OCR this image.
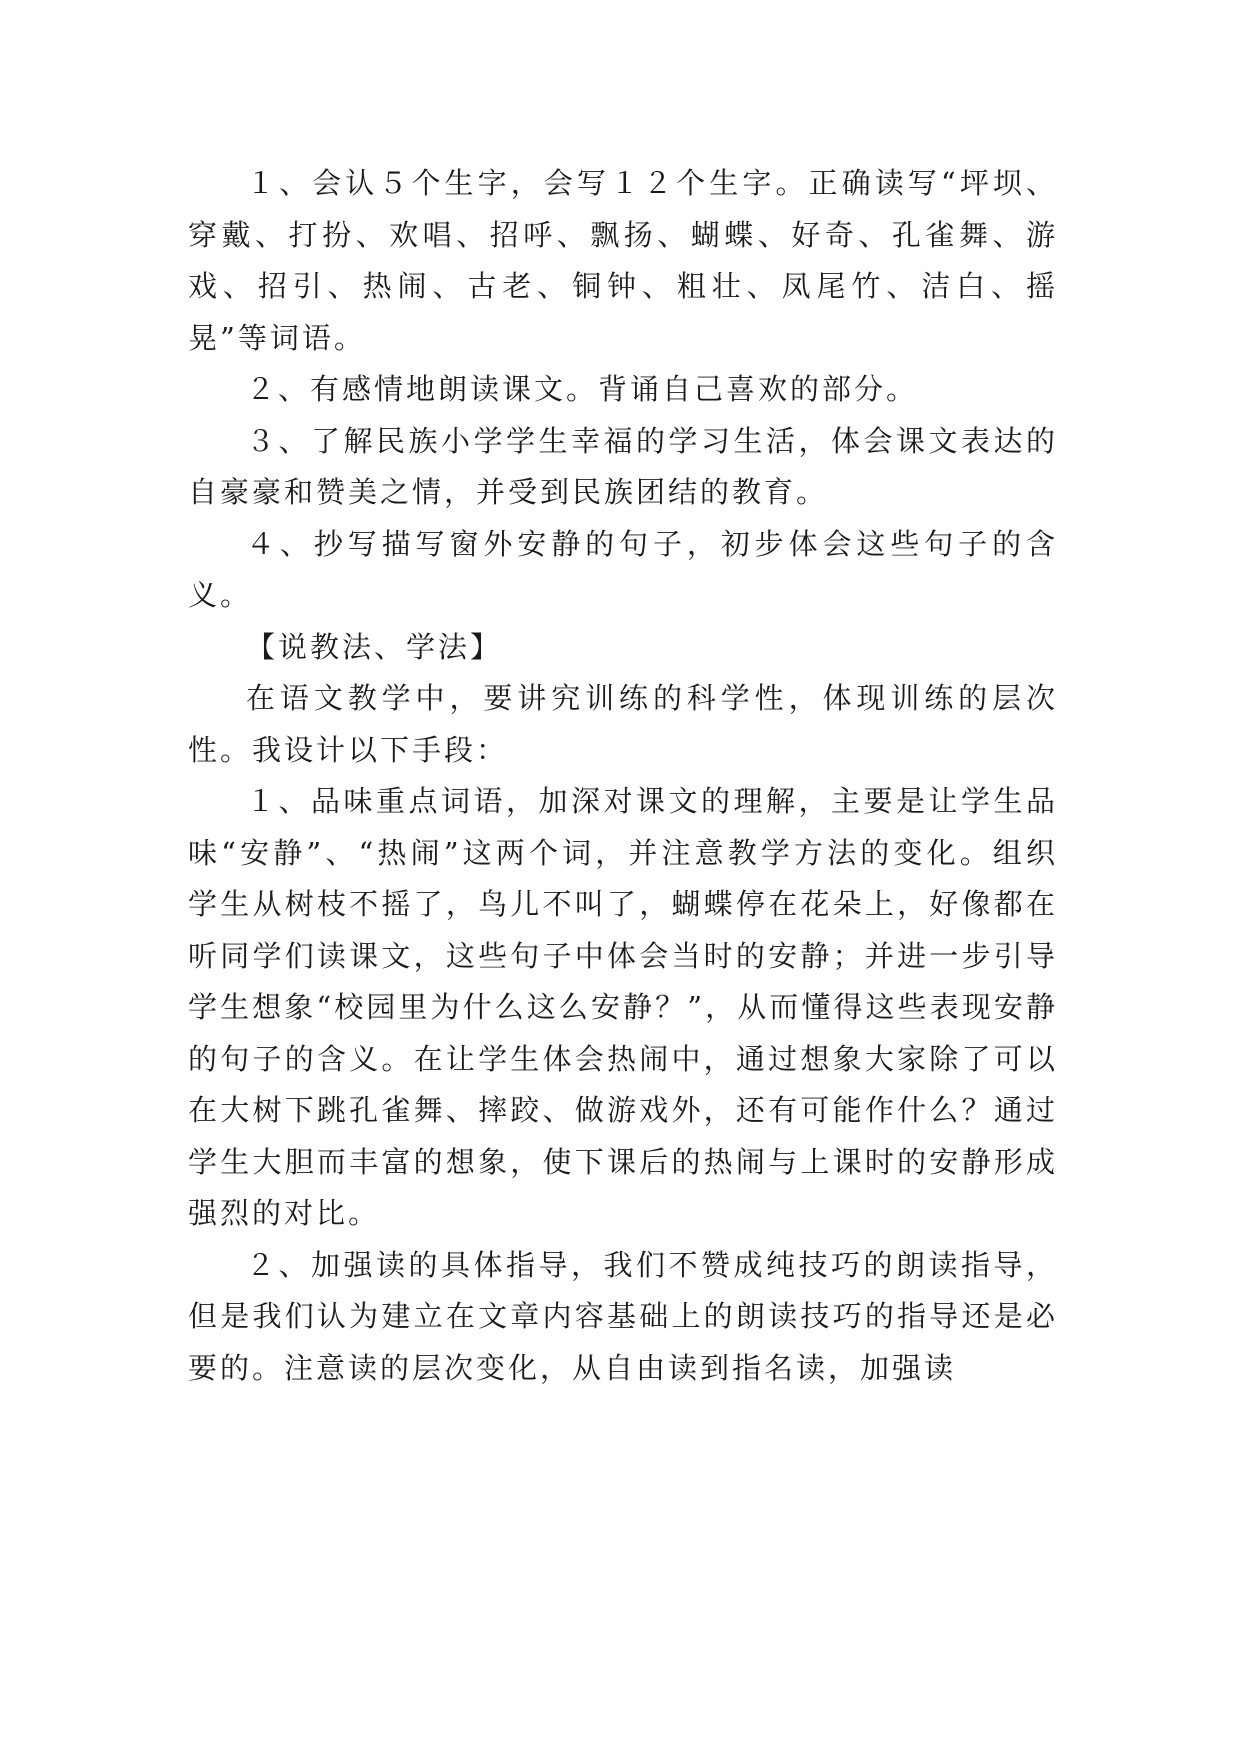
１、会认５个生字，会写１２个生字。正确读写“坪坝、穿戴、打扮、欢唱、招呼、飘扬、蝴蝶、好奇、孔雀舞、游戏、招引、热闹、古老、铜钟、粗壮、凤尾竹、洁白、摇晃”等词语。

２、有感情地朗读课文。背诵自己喜欢的部分。

３、了解民族小学学生幸福的学习生活，体会课文表达的自豪豪和赞美之情，并受到民族团结的教育。

４、抄写描写窗外安静的句子，初步体会这些句子的含义。

【说教法、学法】

在语文教学中，要讲究训练的科学性，体现训练的层次性。我设计以下手段：

１、品味重点词语，加深对课文的理解，主要是让学生品味“安静”、“热闹”这两个词，并注意教学方法的变化。组织学生从树枝不摇了，鸟儿不叫了，蝴蝶停在花朵上，好像都在听同学们读课文，这些句子中体会当时的安静；并进一步引导学生想象“校园里为什么这么安静？”，从而懂得这些表现安静的句子的含义。在让学生体会热闹中，通过想象大家除了可以在大树下跳孔雀舞、摔跤、做游戏外，还有可能作什么？通过学生大胆而丰富的想象，使下课后的热闹与上课时的安静形成强烈的对比。

２、加强读的具体指导，我们不赞成纯技巧的朗读指导，但是我们认为建立在文章内容基础上的朗读技巧的指导还是必要的。注意读的层次变化，从自由读到指名读，加强读
